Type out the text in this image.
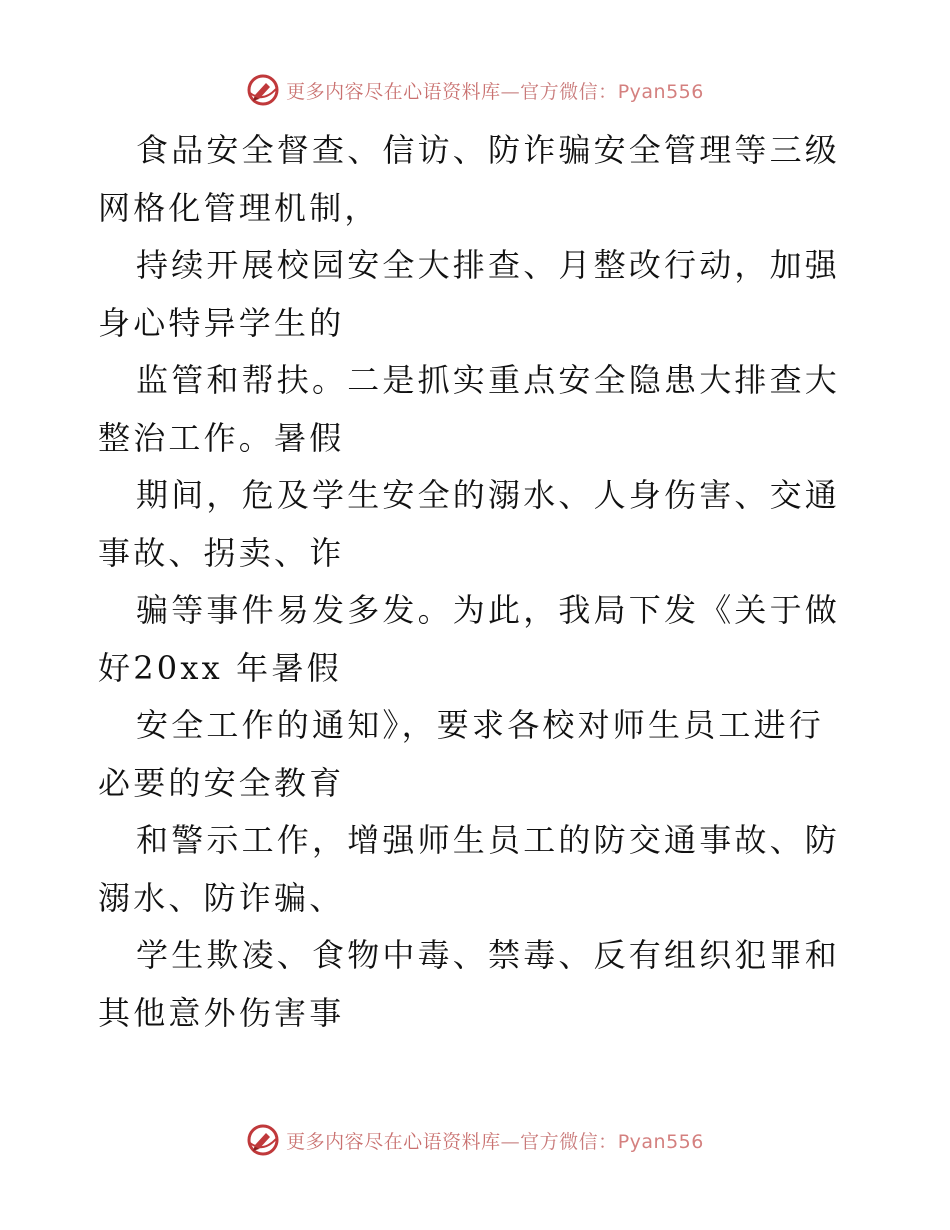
更多内容尽在心语资料库—官方微信：Pyan556

食品安全督查、信访、防诈骗安全管理等三级网格化管理机制，

持续开展校园安全大排查、月整改行动，加强身心特异学生的

监管和帮扶。二是抓实重点安全隐患大排查大整治工作。暑假

期间，危及学生安全的溺水、人身伤害、交通事故、拐卖、诈

骗等事件易发多发。为此，我局下发《关于做好20xx 年暑假

安全工作的通知》，要求各校对师生员工进行必要的安全教育

和警示工作，增强师生员工的防交通事故、防溺水、防诈骗、

学生欺凌、食物中毒、禁毒、反有组织犯罪和其他意外伤害事

更多内容尽在心语资料库—官方微信：Pyan556
